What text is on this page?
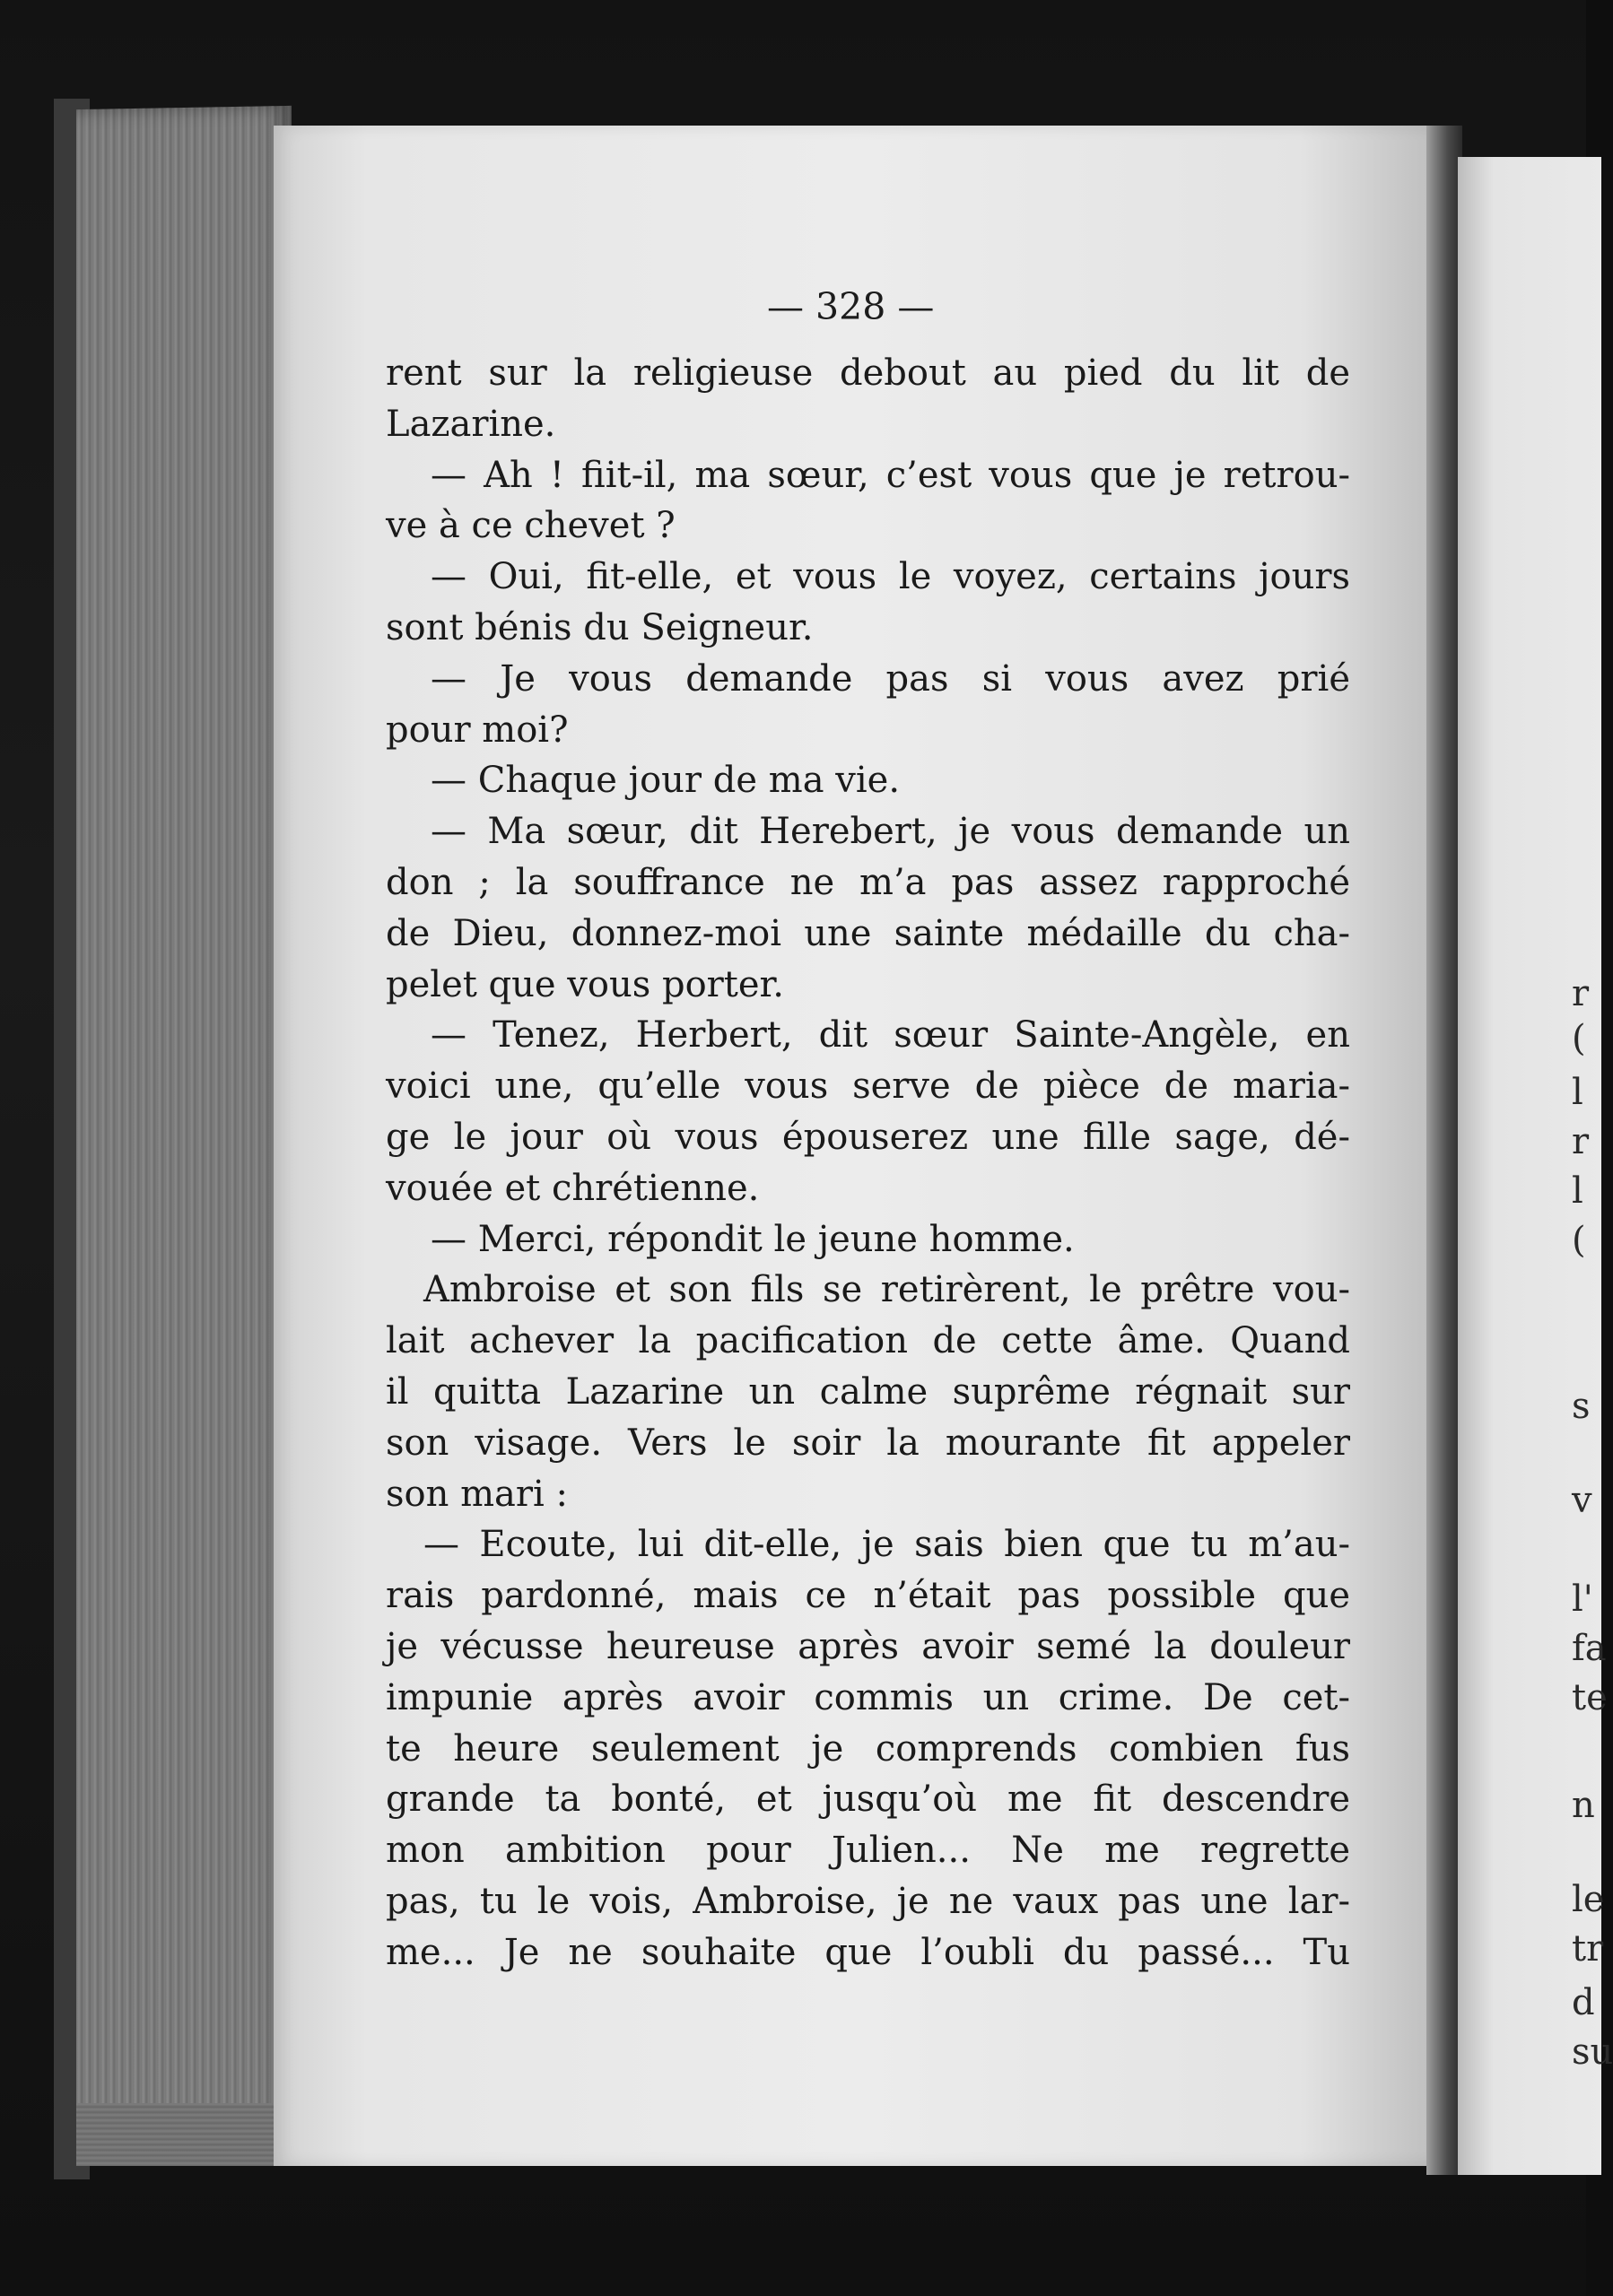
— 328 —
rent sur la religieuse debout au pied du lit de
Lazarine.
— Ah ! fiit-il, ma sœur, c’est vous que je retrou-
ve à ce chevet ?
— Oui, fit-elle, et vous le voyez, certains jours
sont bénis du Seigneur.
— Je vous demande pas si vous avez prié
pour moi?
— Chaque jour de ma vie.
— Ma sœur, dit Herebert, je vous demande un
don ; la souffrance ne m’a pas assez rapproché
de Dieu, donnez-moi une sainte médaille du cha-
pelet que vous porter.
— Tenez, Herbert, dit sœur Sainte-Angèle, en
voici une, qu’elle vous serve de pièce de maria-
ge le jour où vous épouserez une fille sage, dé-
vouée et chrétienne.
— Merci, répondit le jeune homme.
Ambroise et son fils se retirèrent, le prêtre vou-
lait achever la pacification de cette âme. Quand
il quitta Lazarine un calme suprême régnait sur
son visage. Vers le soir la mourante fit appeler
son mari :
— Ecoute, lui dit-elle, je sais bien que tu m’au-
rais pardonné, mais ce n’était pas possible que
je vécusse heureuse après avoir semé la douleur
impunie après avoir commis un crime. De cet-
te heure seulement je comprends combien fus
grande ta bonté, et jusqu’où me fit descendre
mon ambition pour Julien... Ne me regrette
pas, tu le vois, Ambroise, je ne vaux pas une lar-
me... Je ne souhaite que l’oubli du passé... Tu
r
(
l
r
l
(
s
v
l'
fa
te
n
le
tr
d
su
